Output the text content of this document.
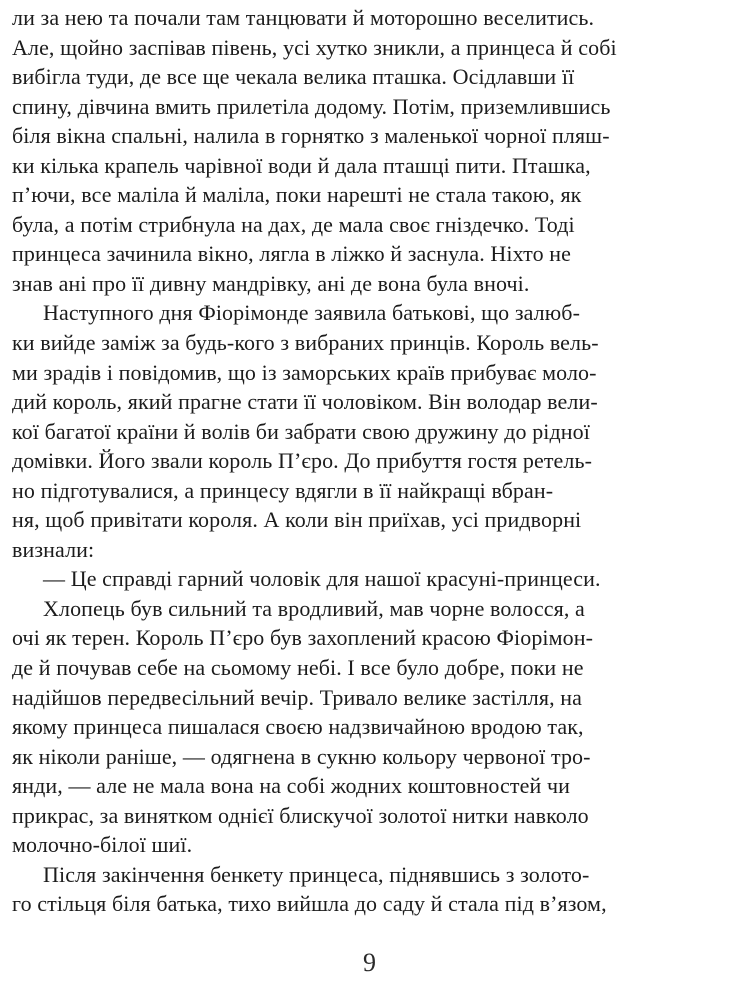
ли за нею та почали там танцювати й моторошно веселитись.
Але, щойно заспівав півень, усі хутко зникли, а принцеса й собі
вибігла туди, де все ще чекала велика пташка. Осідлавши її
спину, дівчина вмить прилетіла додому. Потім, приземлившись
біля вікна спальні, налила в горнятко з маленької чорної пляш-
ки кілька крапель чарівної води й дала пташці пити. Пташка,
п’ючи, все маліла й маліла, поки нарешті не стала такою, як
була, а потім стрибнула на дах, де мала своє гніздечко. Тоді
принцеса зачинила вікно, лягла в ліжко й заснула. Ніхто не
знав ані про її дивну мандрівку, ані де вона була вночі.
Наступного дня Фіорімонде заявила батькові, що залюб-
ки вийде заміж за будь-кого з вибраних принців. Король вель-
ми зрадів і повідомив, що із заморських країв прибуває моло-
дий король, який прагне стати її чоловіком. Він володар вели-
кої багатої країни й волів би забрати свою дружину до рідної
домівки. Його звали король П’єро. До прибуття гостя ретель-
но підготувалися, а принцесу вдягли в її найкращі вбран-
ня, щоб привітати короля. А коли він приїхав, усі придворні
визнали:
— Це справді гарний чоловік для нашої красуні-принцеси.
Хлопець був сильний та вродливий, мав чорне волосся, а
очі як терен. Король П’єро був захоплений красою Фіорімон-
де й почував себе на сьомому небі. І все було добре, поки не
надійшов передвесільний вечір. Тривало велике застілля, на
якому принцеса пишалася своєю надзвичайною вродою так,
як ніколи раніше, — одягнена в сукню кольору червоної тро-
янди, — але не мала вона на собі жодних коштовностей чи
прикрас, за винятком однієї блискучої золотої нитки навколо
молочно-білої шиї.
Після закінчення бенкету принцеса, піднявшись з золото-
го стільця біля батька, тихо вийшла до саду й стала під в’язом,
9
